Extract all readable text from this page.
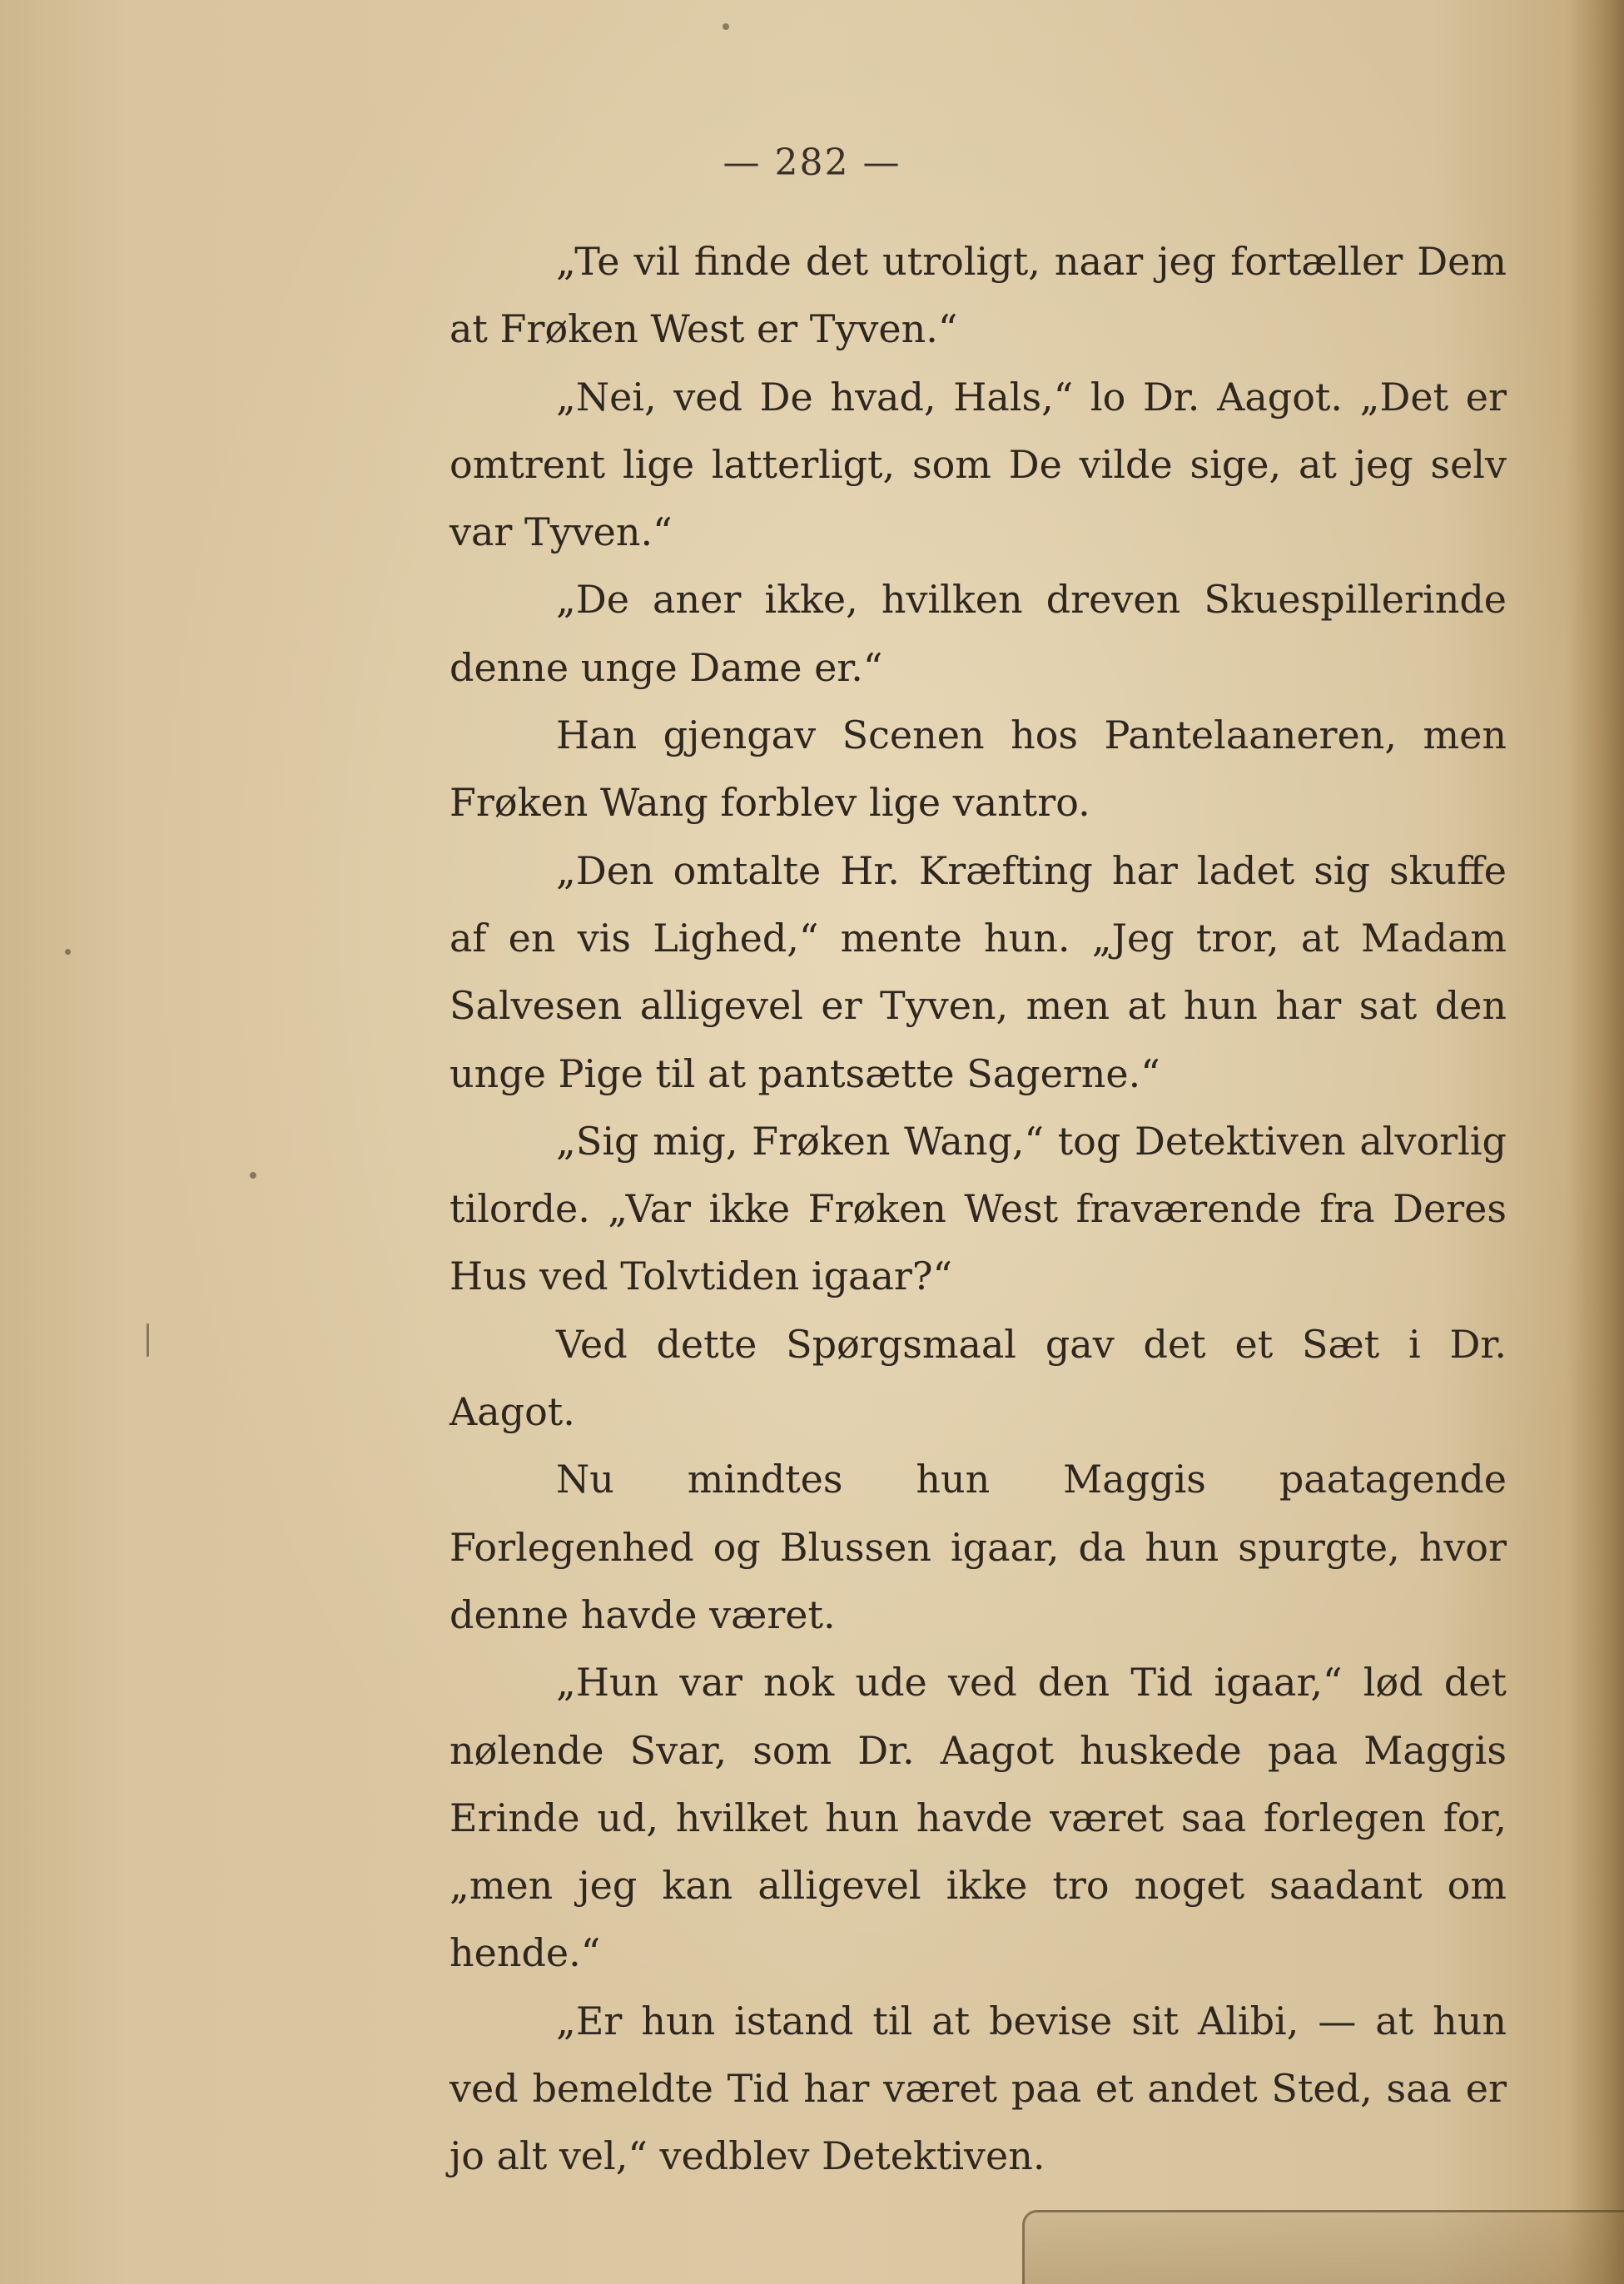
— 282 —

„Te vil finde det utroligt, naar jeg fortæller Dem at Frøken West er Tyven.“

„Nei, ved De hvad, Hals,“ lo Dr. Aagot. „Det er omtrent lige latterligt, som De vilde sige, at jeg selv var Tyven.“

„De aner ikke, hvilken dreven Skuespillerinde denne unge Dame er.“

Han gjengav Scenen hos Pantelaaneren, men Frøken Wang forblev lige vantro.

„Den omtalte Hr. Kræfting har ladet sig skuffe af en vis Lighed,“ mente hun. „Jeg tror, at Madam Salvesen alligevel er Tyven, men at hun har sat den unge Pige til at pantsætte Sagerne.“

„Sig mig, Frøken Wang,“ tog Detektiven alvorlig tilorde. „Var ikke Frøken West fraværende fra Deres Hus ved Tolvtiden igaar?“

Ved dette Spørgsmaal gav det et Sæt i Dr. Aagot.

Nu mindtes hun Maggis paatagende Forlegenhed og Blussen igaar, da hun spurgte, hvor denne havde været.

„Hun var nok ude ved den Tid igaar,“ lød det nølende Svar, som Dr. Aagot huskede paa Maggis Erinde ud, hvilket hun havde været saa forlegen for, „men jeg kan alligevel ikke tro noget saadant om hende.“

„Er hun istand til at bevise sit Alibi, — at hun ved bemeldte Tid har været paa et andet Sted, saa er jo alt vel,“ vedblev Detektiven.
